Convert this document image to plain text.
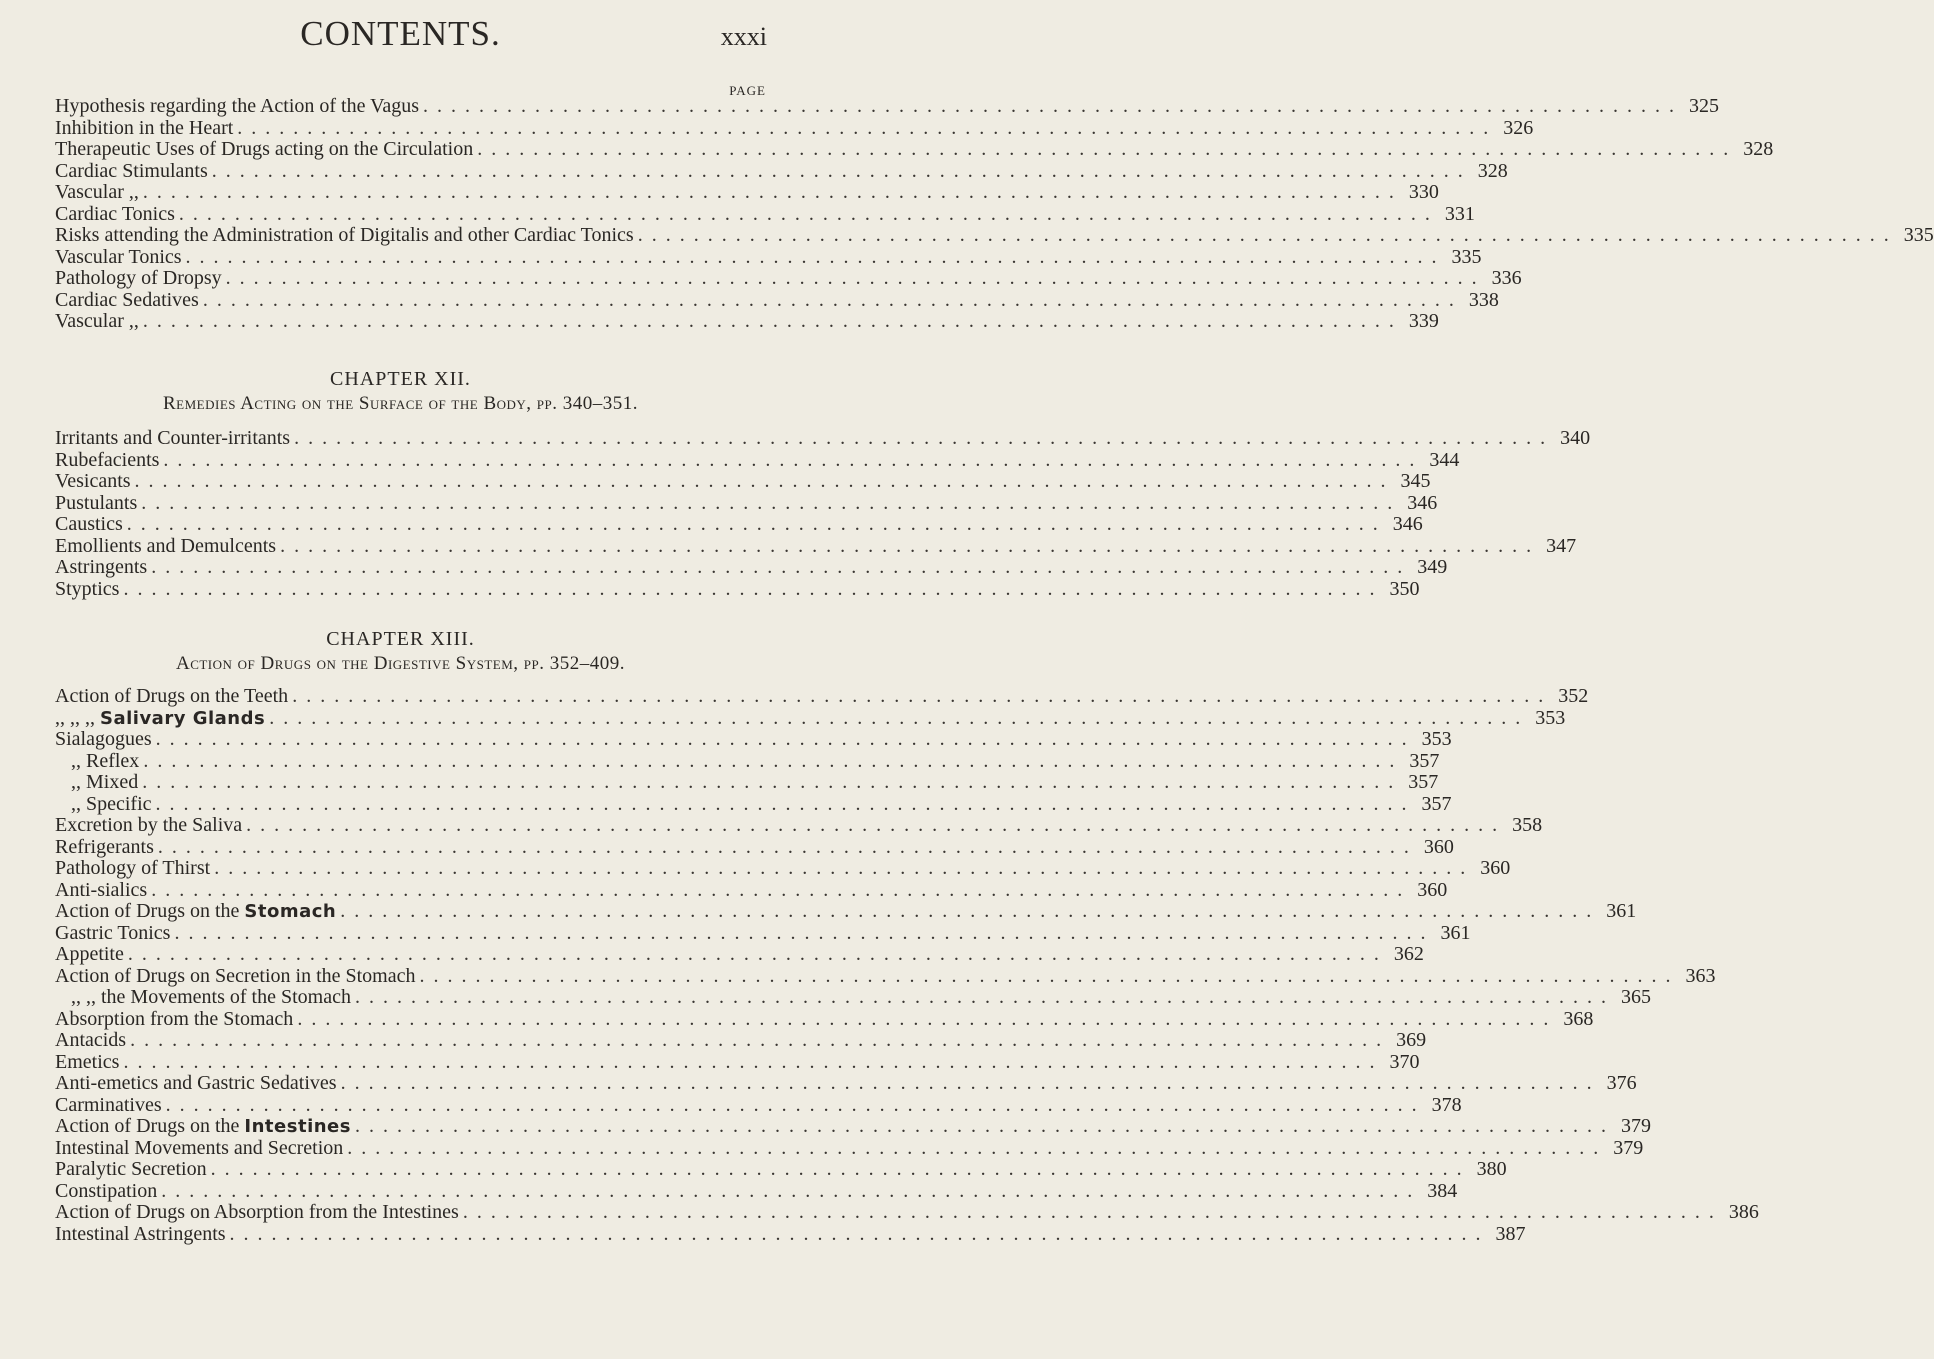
CONTENTS.	xxxi
PAGE
Hypothesis regarding the Action of the Vagus .......................................................................................... 325
Inhibition in the Heart .......................................................................................... 326
Therapeutic Uses of Drugs acting on the Circulation .......................................................................................... 328
Cardiac Stimulants .......................................................................................... 328
Vascular ,, .......................................................................................... 330
Cardiac Tonics .......................................................................................... 331
Risks attending the Administration of Digitalis and other Cardiac Tonics .......................................................................................... 335
Vascular Tonics .......................................................................................... 335
Pathology of Dropsy .......................................................................................... 336
Cardiac Sedatives .......................................................................................... 338
Vascular ,, .......................................................................................... 339
CHAPTER XII.
Remedies Acting on the Surface of the Body, pp. 340–351.
Irritants and Counter-irritants .......................................................................................... 340
Rubefacients .......................................................................................... 344
Vesicants .......................................................................................... 345
Pustulants .......................................................................................... 346
Caustics .......................................................................................... 346
Emollients and Demulcents .......................................................................................... 347
Astringents .......................................................................................... 349
Styptics .......................................................................................... 350
CHAPTER XIII.
Action of Drugs on the Digestive System, pp. 352–409.
Action of Drugs on the Teeth .......................................................................................... 352
,, ,, ,, Salivary Glands .......................................................................................... 353
Sialagogues .......................................................................................... 353
,, Reflex .......................................................................................... 357
,, Mixed .......................................................................................... 357
,, Specific .......................................................................................... 357
Excretion by the Saliva .......................................................................................... 358
Refrigerants .......................................................................................... 360
Pathology of Thirst .......................................................................................... 360
Anti-sialics .......................................................................................... 360
Action of Drugs on the Stomach .......................................................................................... 361
Gastric Tonics .......................................................................................... 361
Appetite .......................................................................................... 362
Action of Drugs on Secretion in the Stomach .......................................................................................... 363
,, ,, the Movements of the Stomach .......................................................................................... 365
Absorption from the Stomach .......................................................................................... 368
Antacids .......................................................................................... 369
Emetics .......................................................................................... 370
Anti-emetics and Gastric Sedatives .......................................................................................... 376
Carminatives .......................................................................................... 378
Action of Drugs on the Intestines .......................................................................................... 379
Intestinal Movements and Secretion .......................................................................................... 379
Paralytic Secretion .......................................................................................... 380
Constipation .......................................................................................... 384
Action of Drugs on Absorption from the Intestines .......................................................................................... 386
Intestinal Astringents .......................................................................................... 387
